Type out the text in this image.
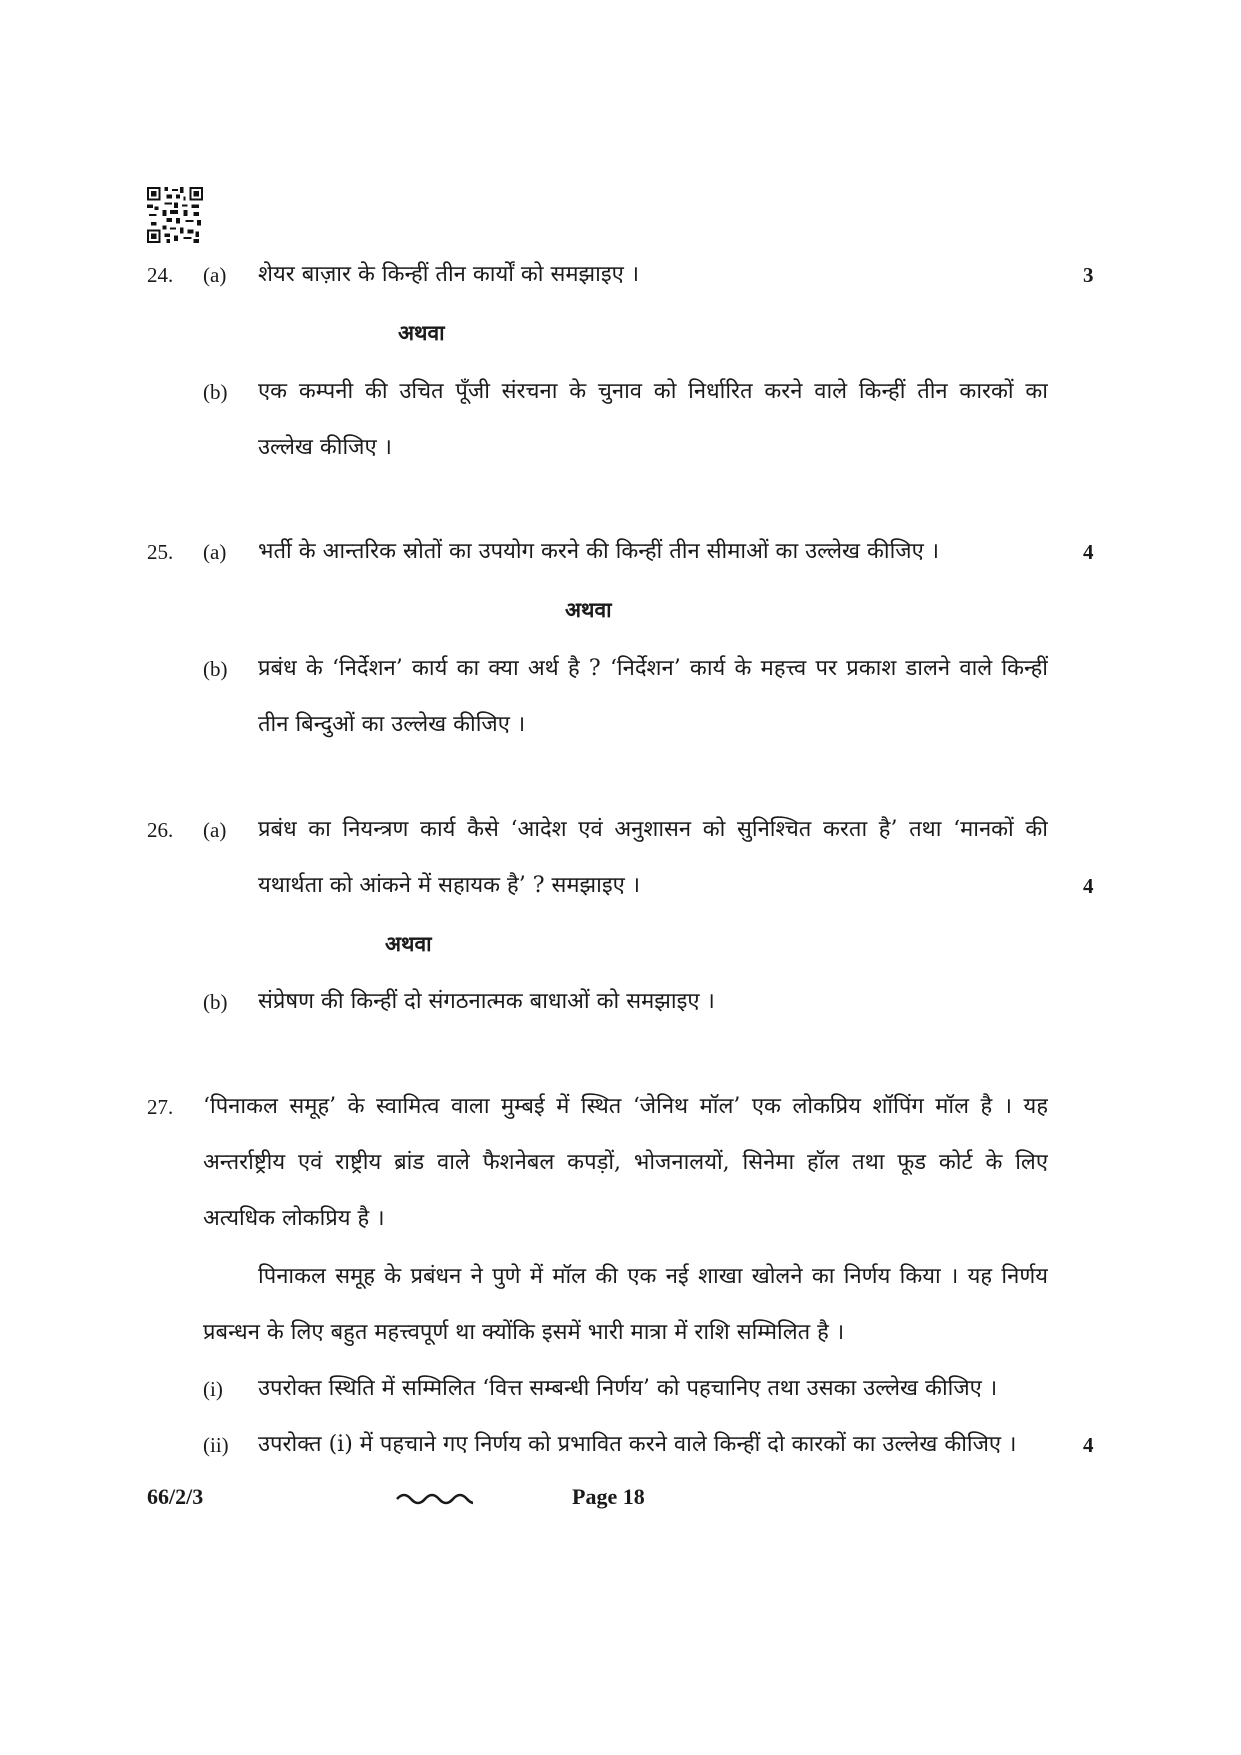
24. (a) शेयर बाज़ार के किन्हीं तीन कार्यों को समझाइए ।	3
अथवा
(b) एक कम्पनी की उचित पूँजी संरचना के चुनाव को निर्धारित करने वाले किन्हीं तीन कारकों का
उल्लेख कीजिए ।
25. (a) भर्ती के आन्तरिक स्रोतों का उपयोग करने की किन्हीं तीन सीमाओं का उल्लेख कीजिए ।	4
अथवा
(b) प्रबंध के ‘निर्देशन’ कार्य का क्या अर्थ है ? ‘निर्देशन’ कार्य के महत्त्व पर प्रकाश डालने वाले किन्हीं
तीन बिन्दुओं का उल्लेख कीजिए ।
26. (a) प्रबंध का नियन्त्रण कार्य कैसे ‘आदेश एवं अनुशासन को सुनिश्चित करता है’ तथा ‘मानकों की
यथार्थता को आंकने में सहायक है’ ? समझाइए ।	4
अथवा
(b) संप्रेषण की किन्हीं दो संगठनात्मक बाधाओं को समझाइए ।
27. ‘पिनाकल समूह’ के स्वामित्व वाला मुम्बई में स्थित ‘जेनिथ मॉल’ एक लोकप्रिय शॉपिंग मॉल है । यह
अन्तर्राष्ट्रीय एवं राष्ट्रीय ब्रांड वाले फैशनेबल कपड़ों, भोजनालयों, सिनेमा हॉल तथा फूड कोर्ट के लिए
अत्यधिक लोकप्रिय है ।
पिनाकल समूह के प्रबंधन ने पुणे में मॉल की एक नई शाखा खोलने का निर्णय किया । यह निर्णय
प्रबन्धन के लिए बहुत महत्त्वपूर्ण था क्योंकि इसमें भारी मात्रा में राशि सम्मिलित है ।
(i) उपरोक्त स्थिति में सम्मिलित ‘वित्त सम्बन्धी निर्णय’ को पहचानिए तथा उसका उल्लेख कीजिए ।
(ii) उपरोक्त (i) में पहचाने गए निर्णय को प्रभावित करने वाले किन्हीं दो कारकों का उल्लेख कीजिए ।	4
66/2/3	Page 18
